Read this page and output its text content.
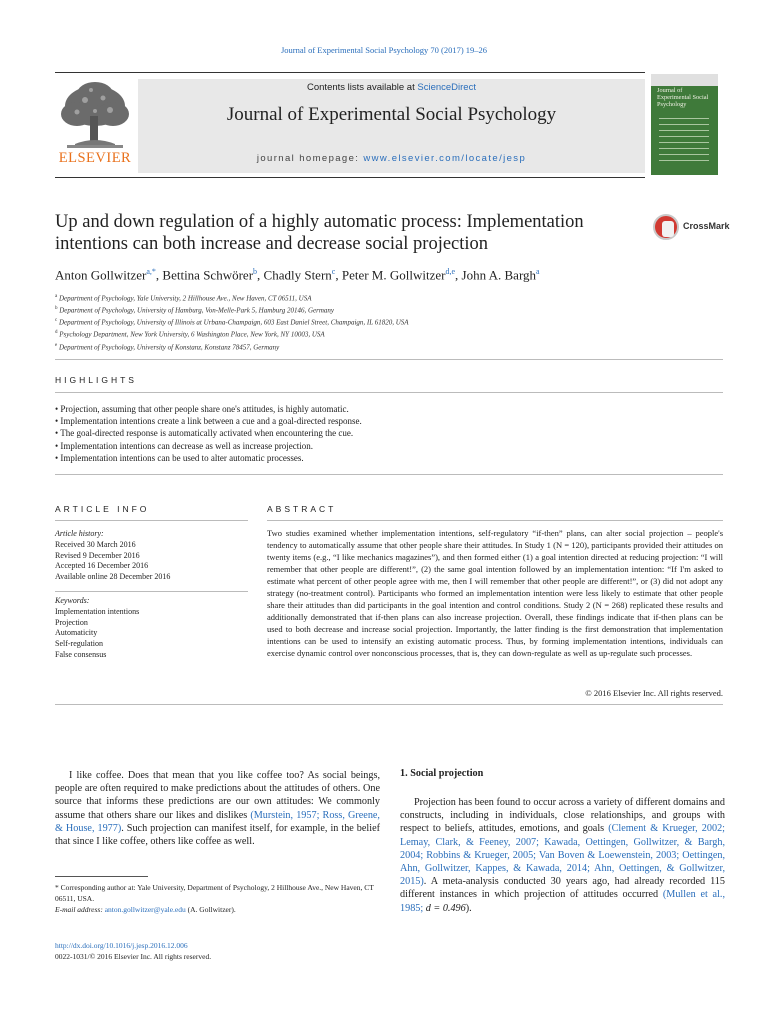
Journal of Experimental Social Psychology 70 (2017) 19–26
ELSEVIER
Contents lists available at ScienceDirect
Journal of Experimental Social Psychology
journal homepage: www.elsevier.com/locate/jesp
Journal of Experimental Social Psychology
Up and down regulation of a highly automatic process: Implementation intentions can both increase and decrease social projection
CrossMark
Anton Gollwitzer$^{a,*}$, Bettina Schwörer$^b$, Chadly Stern$^c$, Peter M. Gollwitzer$^{d,e}$, John A. Bargh$^a$
$^a$ Department of Psychology, Yale University, 2 Hillhouse Ave., New Haven, CT 06511, USA
$^b$ Department of Psychology, University of Hamburg, Von-Melle-Park 5, Hamburg 20146, Germany
$^c$ Department of Psychology, University of Illinois at Urbana-Champaign, 603 East Daniel Street, Champaign, IL 61820, USA
$^d$ Psychology Department, New York University, 6 Washington Place, New York, NY 10003, USA
$^e$ Department of Psychology, University of Konstanz, Konstanz 78457, Germany
HIGHLIGHTS
• Projection, assuming that other people share one's attitudes, is highly automatic.
• Implementation intentions create a link between a cue and a goal-directed response.
• The goal-directed response is automatically activated when encountering the cue.
• Implementation intentions can decrease as well as increase projection.
• Implementation intentions can be used to alter automatic processes.
ARTICLE INFO	ABSTRACT
Article history:
Received 30 March 2016
Revised 9 December 2016
Accepted 16 December 2016
Available online 28 December 2016
Keywords:
Implementation intentions
Projection
Automaticity
Self-regulation
False consensus
Two studies examined whether implementation intentions, self-regulatory “if-then” plans, can alter social projection – people's tendency to automatically assume that other people share their attitudes. In Study 1 (N = 120), participants provided their attitudes on twenty items (e.g., “I like mechanics magazines”), and then formed either (1) a goal intention directed at reducing projection: “I will remember that other people are different!”, (2) the same goal intention followed by an implementation intention: “If I'm asked to estimate what percent of other people agree with me, then I will remember that other people are different!”, or (3) did not adopt any strategy (no-treatment control). Participants who formed an implementation intention were less likely to estimate that other people share their attitudes than did participants in the goal intention and control conditions. Study 2 (N = 268) replicated these results and additionally demonstrated that if-then plans can also increase projection. Overall, these findings indicate that if-then plans can be used to both decrease and increase social projection. Importantly, the latter finding is the first demonstration that implementation intentions can be used to intensify an existing automatic process. Thus, by forming implementation intentions, individuals can exercise dynamic control over nonconscious processes, that is, they can down-regulate as well as up-regulate such processes.
© 2016 Elsevier Inc. All rights reserved.
I like coffee. Does that mean that you like coffee too? As social beings, people are often required to make predictions about the attitudes of others. One source that informs these predictions are our own attitudes: We commonly assume that others share our likes and dislikes (Murstein, 1957; Ross, Greene, & House, 1977). Such projection can manifest itself, for example, in the belief that since I like coffee, others like coffee as well.
* Corresponding author at: Yale University, Department of Psychology, 2 Hillhouse Ave., New Haven, CT 06511, USA.
E-mail address: anton.gollwitzer@yale.edu (A. Gollwitzer).
http://dx.doi.org/10.1016/j.jesp.2016.12.006
0022-1031/© 2016 Elsevier Inc. All rights reserved.
1. Social projection
Projection has been found to occur across a variety of different domains and constructs, including in individuals, close relationships, and groups with respect to beliefs, attitudes, emotions, and goals (Clement & Krueger, 2002; Lemay, Clark, & Feeney, 2007; Kawada, Oettingen, Gollwitzer, & Bargh, 2004; Robbins & Krueger, 2005; Van Boven & Loewenstein, 2003; Oettingen, Ahn, Gollwitzer, Kappes, & Kawada, 2014; Ahn, Oettingen, & Gollwitzer, 2015). A meta-analysis conducted 30 years ago, had already recorded 115 different instances in which projection of attitudes occurred (Mullen et al., 1985; d = 0.496).
